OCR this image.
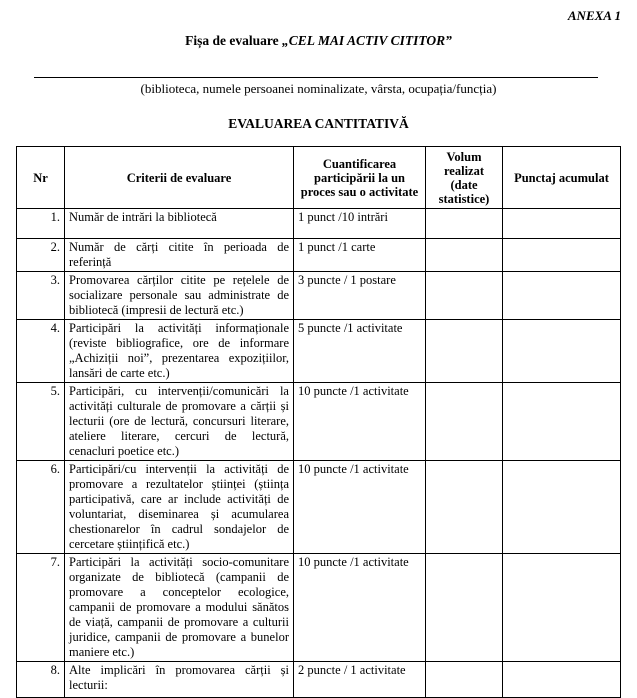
ANEXA 1
Fișa de evaluare „CEL MAI ACTIV CITITOR”
(biblioteca, numele persoanei nominalizate, vârsta, ocupația/funcția)
EVALUAREA CANTITATIVĂ
Nr	Criterii de evaluare	Cuantificarea participării la un proces sau o activitate	Volum realizat (date statistice)	Punctaj acumulat
1.	Număr de intrări la bibliotecă	1 punct /10 intrări		
2.	Număr de cărți citite în perioada de referință	1 punct /1 carte		
3.	Promovarea cărților citite pe rețelele de socializare personale sau administrate de bibliotecă (impresii de lectură etc.)	3 puncte / 1 postare		
4.	Participări la activități informaționale (reviste bibliografice, ore de informare „Achiziții noi”, prezentarea expozițiilor, lansări de carte etc.)	5 puncte /1 activitate		
5.	Participări, cu intervenții/comunicări la activități culturale de promovare a cărții și lecturii (ore de lectură, concursuri literare, ateliere literare, cercuri de lectură, cenacluri poetice etc.)	10 puncte /1 activitate		
6.	Participări/cu intervenții la activități de promovare a rezultatelor științei (știința participativă, care ar include activități de voluntariat, diseminarea și acumularea chestionarelor în cadrul sondajelor de cercetare științifică etc.)	10 puncte /1 activitate		
7.	Participări la activități socio-comunitare organizate de bibliotecă (campanii de promovare a conceptelor ecologice, campanii de promovare a modului sănătos de viață, campanii de promovare a culturii juridice, campanii de promovare a bunelor maniere etc.)	10 puncte /1 activitate		
8.	Alte implicări în promovarea cărții și lecturii:	2 puncte / 1 activitate		
